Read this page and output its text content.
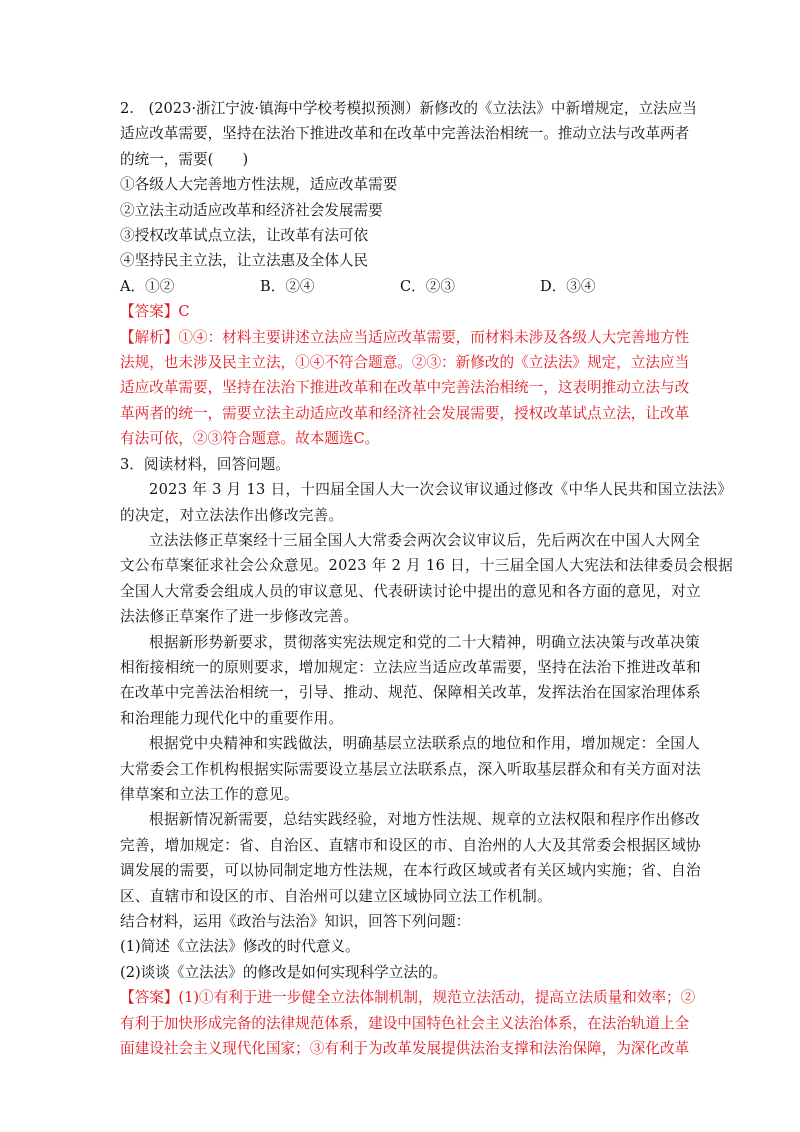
2.　(2023·浙江宁波·镇海中学校考模拟预测）新修改的《立法法》中新增规定，立法应当
适应改革需要，坚持在法治下推进改革和在改革中完善法治相统一。推动立法与改革两者
的统一，需要(　　)
①各级人大完善地方性法规，适应改革需要
②立法主动适应改革和经济社会发展需要
③授权改革试点立法，让改革有法可依
④坚持民主立法，让立法惠及全体人民
A．①②	B．②④	C．②③	D．③④
【答案】C
【解析】①④：材料主要讲述立法应当适应改革需要，而材料未涉及各级人大完善地方性
法规，也未涉及民主立法，①④不符合题意。②③：新修改的《立法法》规定，立法应当
适应改革需要，坚持在法治下推进改革和在改革中完善法治相统一，这表明推动立法与改
革两者的统一，需要立法主动适应改革和经济社会发展需要，授权改革试点立法，让改革
有法可依，②③符合题意。故本题选C。
3．阅读材料，回答问题。
2023 年 3 月 13 日，十四届全国人大一次会议审议通过修改《中华人民共和国立法法》
的决定，对立法法作出修改完善。
立法法修正草案经十三届全国人大常委会两次会议审议后，先后两次在中国人大网全
文公布草案征求社会公众意见。2023 年 2 月 16 日，十三届全国人大宪法和法律委员会根据
全国人大常委会组成人员的审议意见、代表研读讨论中提出的意见和各方面的意见，对立
法法修正草案作了进一步修改完善。
根据新形势新要求，贯彻落实宪法规定和党的二十大精神，明确立法决策与改革决策
相衔接相统一的原则要求，增加规定：立法应当适应改革需要，坚持在法治下推进改革和
在改革中完善法治相统一，引导、推动、规范、保障相关改革，发挥法治在国家治理体系
和治理能力现代化中的重要作用。
根据党中央精神和实践做法，明确基层立法联系点的地位和作用，增加规定：全国人
大常委会工作机构根据实际需要设立基层立法联系点，深入听取基层群众和有关方面对法
律草案和立法工作的意见。
根据新情况新需要，总结实践经验，对地方性法规、规章的立法权限和程序作出修改
完善，增加规定：省、自治区、直辖市和设区的市、自治州的人大及其常委会根据区域协
调发展的需要，可以协同制定地方性法规，在本行政区域或者有关区域内实施；省、自治
区、直辖市和设区的市、自治州可以建立区域协同立法工作机制。
结合材料，运用《政治与法治》知识，回答下列问题：
(1)简述《立法法》修改的时代意义。
(2)谈谈《立法法》的修改是如何实现科学立法的。
【答案】(1)①有利于进一步健全立法体制机制，规范立法活动，提高立法质量和效率；②
有利于加快形成完备的法律规范体系，建设中国特色社会主义法治体系，在法治轨道上全
面建设社会主义现代化国家；③有利于为改革发展提供法治支撑和法治保障，为深化改革
